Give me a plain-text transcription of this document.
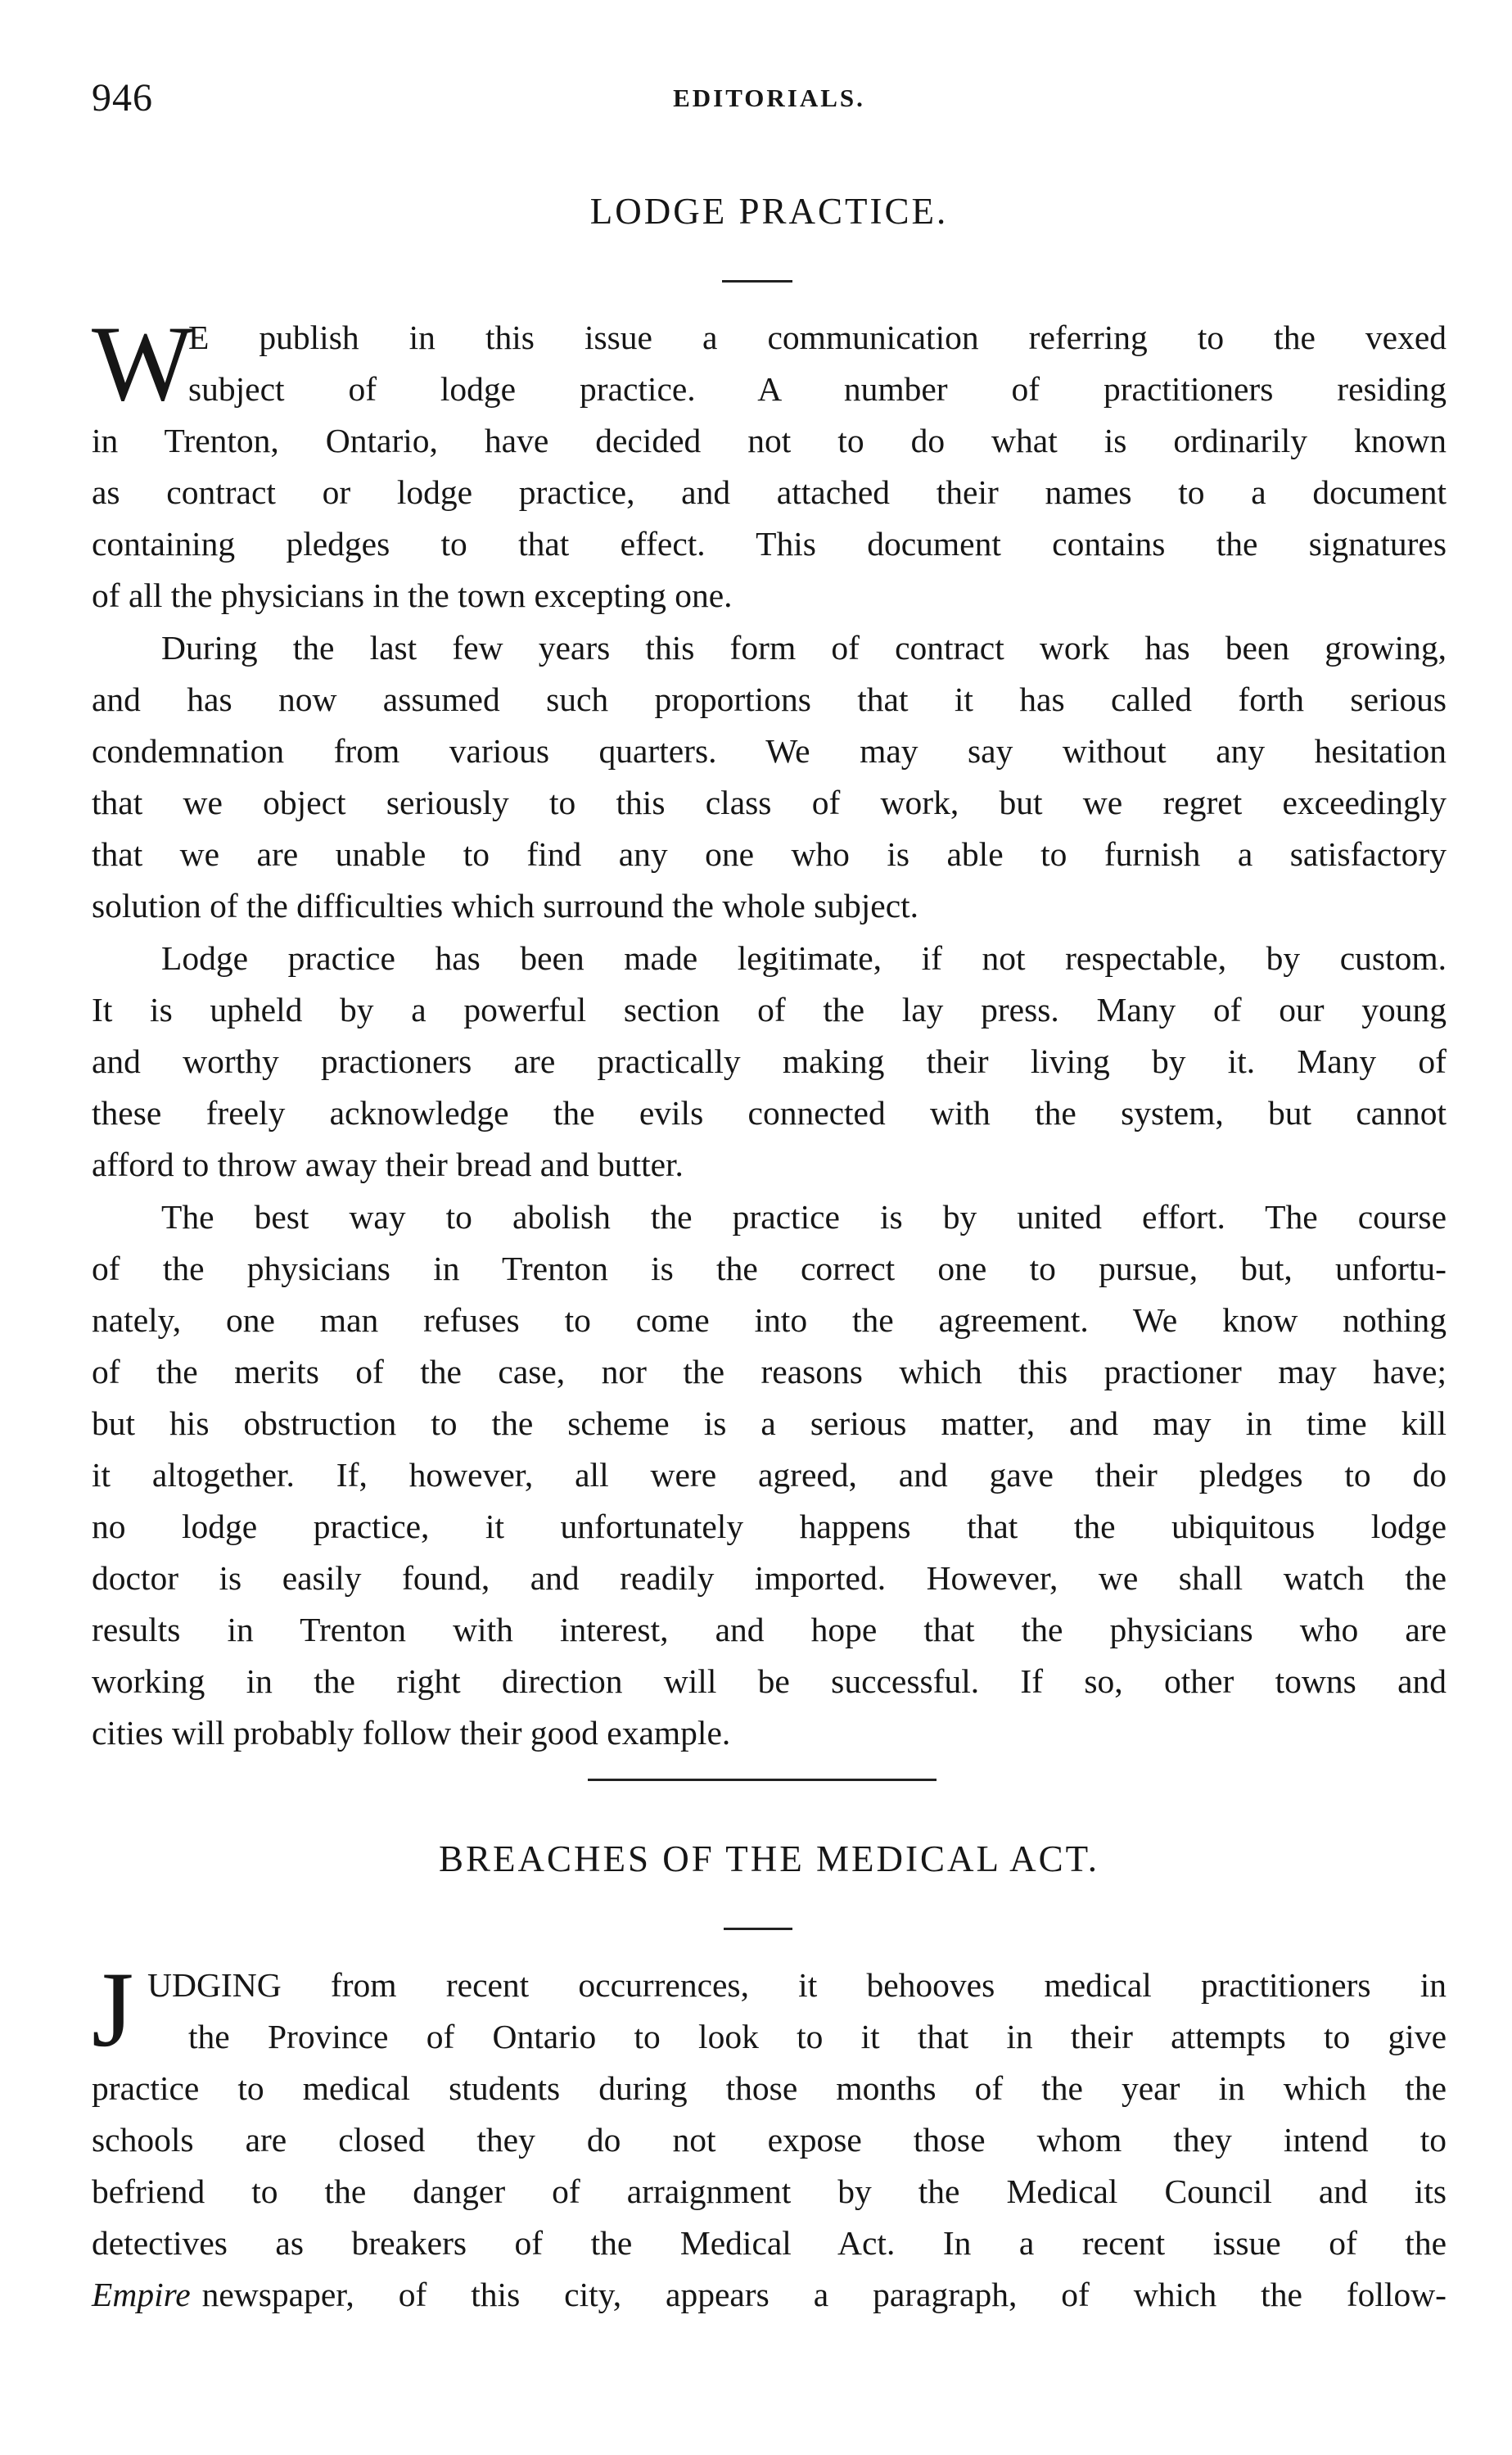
946	EDITORIALS.
LODGE PRACTICE.
W
E publish in this issue a communication referring to the vexed
subject of lodge practice. A number of practitioners residing
in Trenton, Ontario, have decided not to do what is ordinarily known
as contract or lodge practice, and attached their names to a document
containing pledges to that effect. This document contains the signatures
of all the physicians in the town excepting one.
During the last few years this form of contract work has been growing,
and has now assumed such proportions that it has called forth serious
condemnation from various quarters. We may say without any hesitation
that we object seriously to this class of work, but we regret exceedingly
that we are unable to find any one who is able to furnish a satisfactory
solution of the difficulties which surround the whole subject.
Lodge practice has been made legitimate, if not respectable, by custom.
It is upheld by a powerful section of the lay press. Many of our young
and worthy practioners are practically making their living by it. Many of
these freely acknowledge the evils connected with the system, but cannot
afford to throw away their bread and butter.
The best way to abolish the practice is by united effort. The course
of the physicians in Trenton is the correct one to pursue, but, unfortu-
nately, one man refuses to come into the agreement. We know nothing
of the merits of the case, nor the reasons which this practioner may have;
but his obstruction to the scheme is a serious matter, and may in time kill
it altogether. If, however, all were agreed, and gave their pledges to do
no lodge practice, it unfortunately happens that the ubiquitous lodge
doctor is easily found, and readily imported. However, we shall watch the
results in Trenton with interest, and hope that the physicians who are
working in the right direction will be successful. If so, other towns and
cities will probably follow their good example.
BREACHES OF THE MEDICAL ACT.
J UDGING from recent occurrences, it behooves medical practitioners in
the Province of Ontario to look to it that in their attempts to give
practice to medical students during those months of the year in which the
schools are closed they do not expose those whom they intend to
befriend to the danger of arraignment by the Medical Council and its
detectives as breakers of the Medical Act. In a recent issue of the
Empire newspaper, of this city, appears a paragraph, of which the follow-
